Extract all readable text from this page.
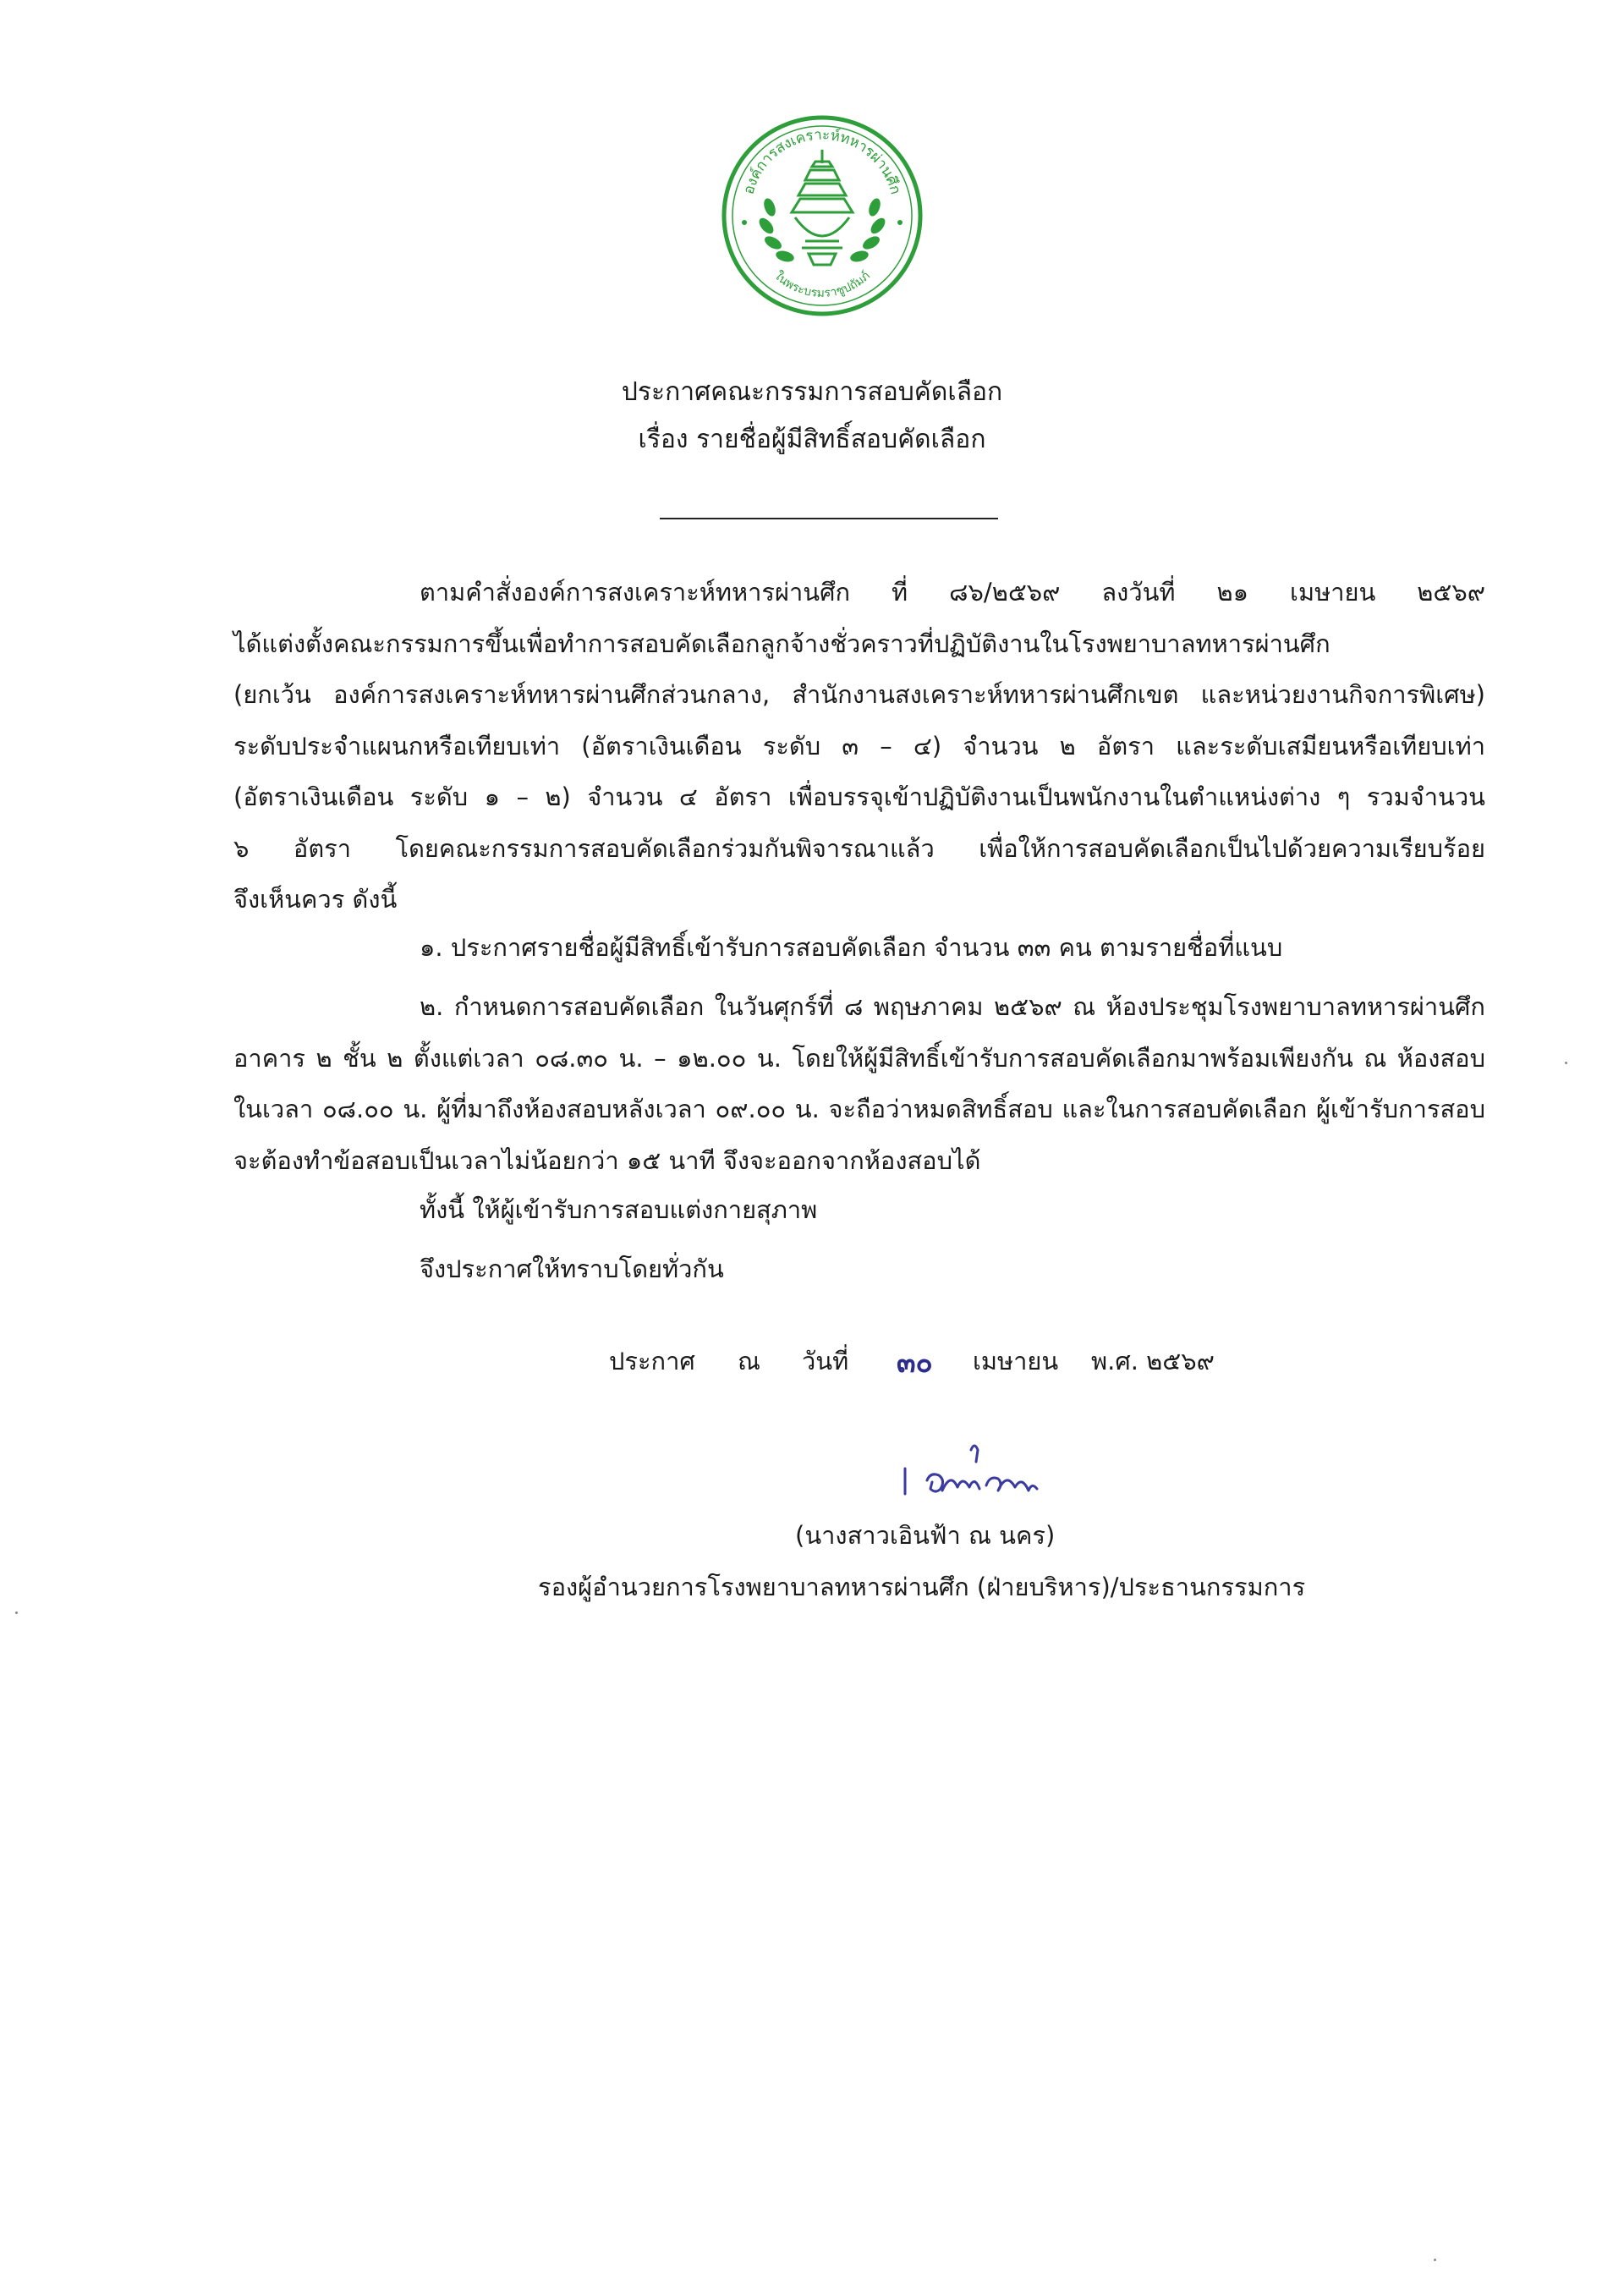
องค์การสงเคราะห์ทหารผ่านศึก
ในพระบรมราชูปถัมภ์
ประกาศคณะกรรมการสอบคัดเลือก
เรื่อง รายชื่อผู้มีสิทธิ์สอบคัดเลือก
ตามคำสั่งองค์การสงเคราะห์ทหารผ่านศึก ที่ ๘๖/๒๕๖๙ ลงวันที่ ๒๑ เมษายน ๒๕๖๙
ได้แต่งตั้งคณะกรรมการขึ้นเพื่อทำการสอบคัดเลือกลูกจ้างชั่วคราวที่ปฏิบัติงานในโรงพยาบาลทหารผ่านศึก
(ยกเว้น องค์การสงเคราะห์ทหารผ่านศึกส่วนกลาง, สำนักงานสงเคราะห์ทหารผ่านศึกเขต และหน่วยงานกิจการพิเศษ)
ระดับประจำแผนกหรือเทียบเท่า (อัตราเงินเดือน ระดับ ๓ – ๔) จำนวน ๒ อัตรา และระดับเสมียนหรือเทียบเท่า
(อัตราเงินเดือน ระดับ ๑ – ๒) จำนวน ๔ อัตรา เพื่อบรรจุเข้าปฏิบัติงานเป็นพนักงานในตำแหน่งต่าง ๆ รวมจำนวน
๖ อัตรา โดยคณะกรรมการสอบคัดเลือกร่วมกันพิจารณาแล้ว เพื่อให้การสอบคัดเลือกเป็นไปด้วยความเรียบร้อย
จึงเห็นควร ดังนี้
๑. ประกาศรายชื่อผู้มีสิทธิ์เข้ารับการสอบคัดเลือก จำนวน ๓๓ คน ตามรายชื่อที่แนบ
๒. กำหนดการสอบคัดเลือก ในวันศุกร์ที่ ๘ พฤษภาคม ๒๕๖๙ ณ ห้องประชุมโรงพยาบาลทหารผ่านศึก
อาคาร ๒ ชั้น ๒ ตั้งแต่เวลา ๐๘.๓๐ น. – ๑๒.๐๐ น. โดยให้ผู้มีสิทธิ์เข้ารับการสอบคัดเลือกมาพร้อมเพียงกัน ณ ห้องสอบ
ในเวลา ๐๘.๐๐ น. ผู้ที่มาถึงห้องสอบหลังเวลา ๐๙.๐๐ น. จะถือว่าหมดสิทธิ์สอบ และในการสอบคัดเลือก ผู้เข้ารับการสอบ
จะต้องทำข้อสอบเป็นเวลาไม่น้อยกว่า ๑๕ นาที จึงจะออกจากห้องสอบได้
ทั้งนี้ ให้ผู้เข้ารับการสอบแต่งกายสุภาพ
จึงประกาศให้ทราบโดยทั่วกัน
ประกาศ ณ วันที่ ๓๐ เมษายน พ.ศ. ๒๕๖๙
(นางสาวเอินฟ้า ณ นคร)
รองผู้อำนวยการโรงพยาบาลทหารผ่านศึก (ฝ่ายบริหาร)/ประธานกรรมการ
